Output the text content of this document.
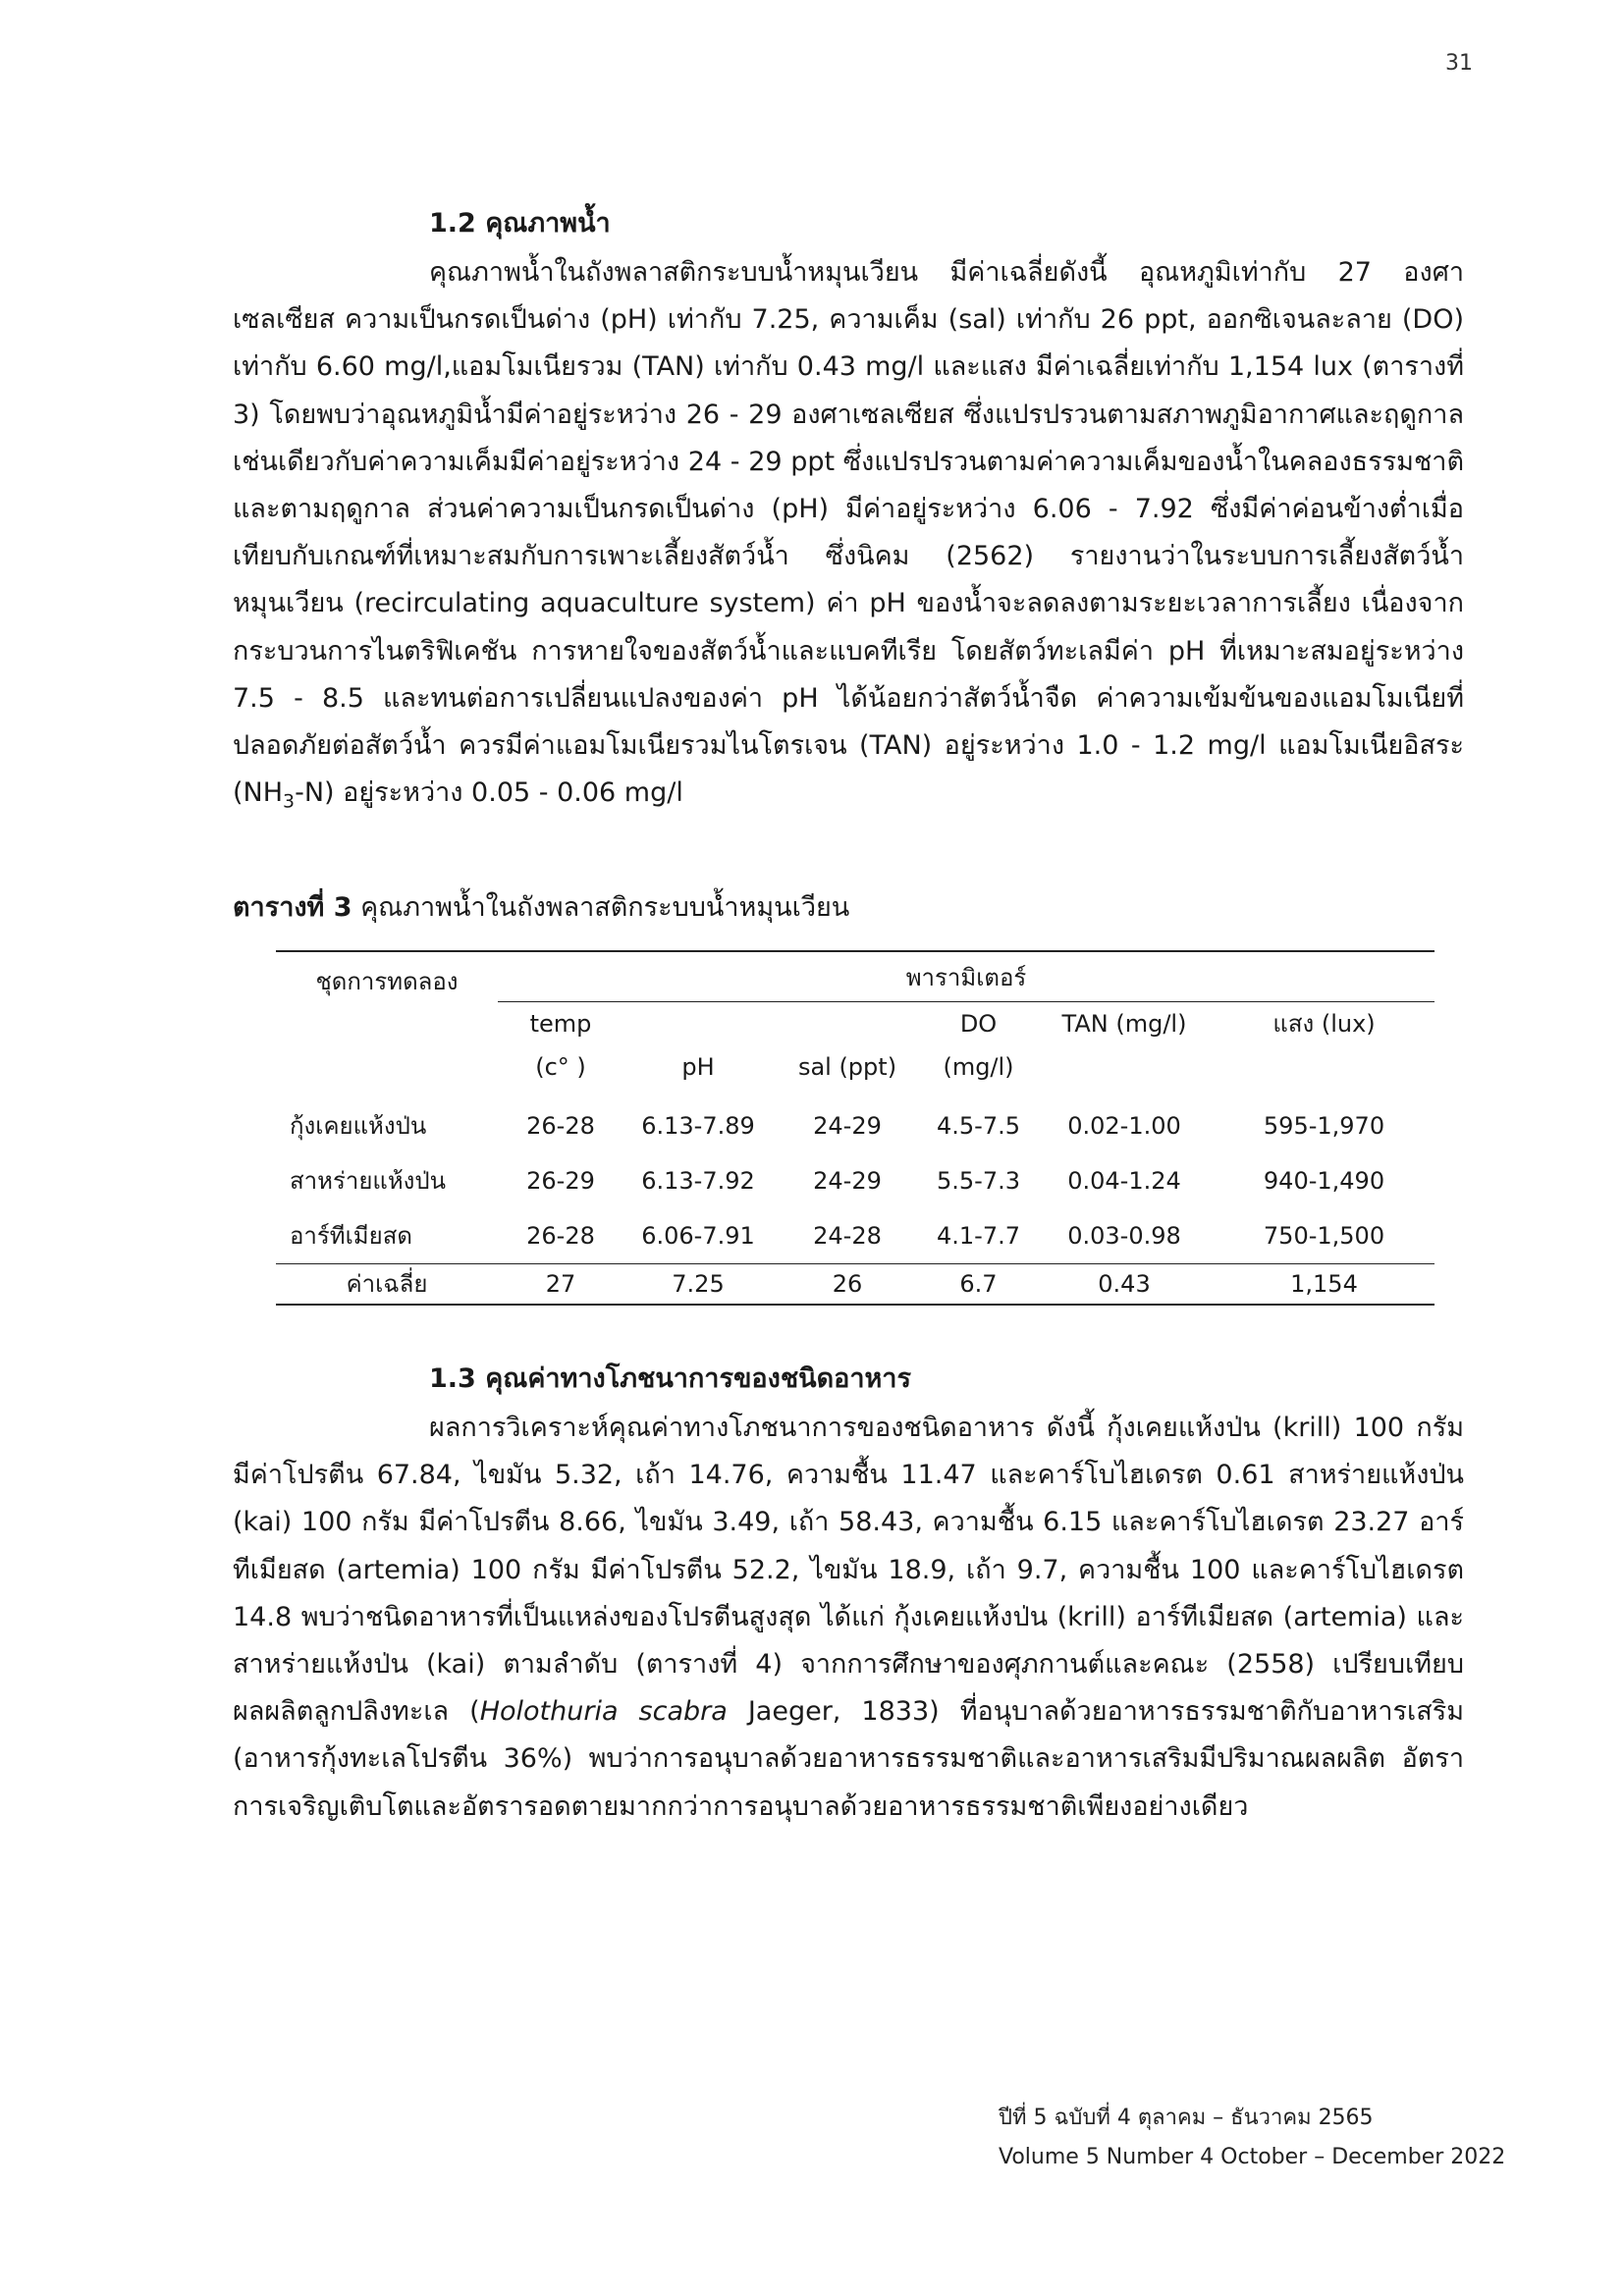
31
1.2 คุณภาพน้ำ

คุณภาพน้ำในถังพลาสติกระบบน้ำหมุนเวียน มีค่าเฉลี่ยดังนี้ อุณหภูมิเท่ากับ 27 องศาเซลเซียส ความเป็นกรดเป็นด่าง (pH) เท่ากับ 7.25, ความเค็ม (sal) เท่ากับ 26 ppt, ออกซิเจนละลาย (DO) เท่ากับ 6.60 mg/l,แอมโมเนียรวม (TAN) เท่ากับ 0.43 mg/l และแสง มีค่าเฉลี่ยเท่ากับ 1,154 lux (ตารางที่ 3) โดยพบว่าอุณหภูมิน้ำมีค่าอยู่ระหว่าง 26 - 29 องศาเซลเซียส ซึ่งแปรปรวนตามสภาพภูมิอากาศและฤดูกาล เช่นเดียวกับค่าความเค็มมีค่าอยู่ระหว่าง 24 - 29 ppt ซึ่งแปรปรวนตามค่าความเค็มของน้ำในคลองธรรมชาติ และตามฤดูกาล ส่วนค่าความเป็นกรดเป็นด่าง (pH) มีค่าอยู่ระหว่าง 6.06 - 7.92 ซึ่งมีค่าค่อนข้างต่ำเมื่อเทียบกับเกณฑ์ที่เหมาะสมกับการเพาะเลี้ยงสัตว์น้ำ ซึ่งนิคม (2562) รายงานว่าในระบบการเลี้ยงสัตว์น้ำหมุนเวียน (recirculating aquaculture system) ค่า pH ของน้ำจะลดลงตามระยะเวลาการเลี้ยง เนื่องจากกระบวนการไนตริฟิเคชัน การหายใจของสัตว์น้ำและแบคทีเรีย โดยสัตว์ทะเลมีค่า pH ที่เหมาะสมอยู่ระหว่าง 7.5 - 8.5 และทนต่อการเปลี่ยนแปลงของค่า pH ได้น้อยกว่าสัตว์น้ำจืด ค่าความเข้มข้นของแอมโมเนียที่ปลอดภัยต่อสัตว์น้ำ ควรมีค่าแอมโมเนียรวมไนโตรเจน (TAN) อยู่ระหว่าง 1.0 - 1.2 mg/l แอมโมเนียอิสระ $(NH_3-N)$ อยู่ระหว่าง 0.05 - 0.06 mg/l

ตารางที่ 3 คุณภาพน้ำในถังพลาสติกระบบน้ำหมุนเวียน

ชุดการทดลอง	พารามิเตอร์					
	temp			DO	TAN (mg/l)	แสง (lux)
	(c° )	pH	sal (ppt)	(mg/l)		
กุ้งเคยแห้งป่น	26-28	6.13-7.89	24-29	4.5-7.5	0.02-1.00	595-1,970
สาหร่ายแห้งป่น	26-29	6.13-7.92	24-29	5.5-7.3	0.04-1.24	940-1,490
อาร์ทีเมียสด	26-28	6.06-7.91	24-28	4.1-7.7	0.03-0.98	750-1,500
ค่าเฉลี่ย	27	7.25	26	6.7	0.43	1,154
1.3 คุณค่าทางโภชนาการของชนิดอาหาร

ผลการวิเคราะห์คุณค่าทางโภชนาการของชนิดอาหาร ดังนี้ กุ้งเคยแห้งป่น (krill) 100 กรัม มีค่าโปรตีน 67.84, ไขมัน 5.32, เถ้า 14.76, ความชื้น 11.47 และคาร์โบไฮเดรต 0.61 สาหร่ายแห้งป่น (kai) 100 กรัม มีค่าโปรตีน 8.66, ไขมัน 3.49, เถ้า 58.43, ความชื้น 6.15 และคาร์โบไฮเดรต 23.27 อาร์ทีเมียสด (artemia) 100 กรัม มีค่าโปรตีน 52.2, ไขมัน 18.9, เถ้า 9.7, ความชื้น 100 และคาร์โบไฮเดรต 14.8 พบว่าชนิดอาหารที่เป็นแหล่งของโปรตีนสูงสุด ได้แก่ กุ้งเคยแห้งป่น (krill) อาร์ทีเมียสด (artemia) และสาหร่ายแห้งป่น (kai) ตามลำดับ (ตารางที่ 4) จากการศึกษาของศุภกานต์และคณะ (2558) เปรียบเทียบผลผลิตลูกปลิงทะเล (Holothuria scabra Jaeger, 1833) ที่อนุบาลด้วยอาหารธรรมชาติกับอาหารเสริม (อาหารกุ้งทะเลโปรตีน 36%) พบว่าการอนุบาลด้วยอาหารธรรมชาติและอาหารเสริมมีปริมาณผลผลิต อัตราการเจริญเติบโตและอัตรารอดตายมากกว่าการอนุบาลด้วยอาหารธรรมชาติเพียงอย่างเดียว

ปีที่ 5 ฉบับที่ 4 ตุลาคม – ธันวาคม 2565
Volume 5 Number 4 October – December 2022
